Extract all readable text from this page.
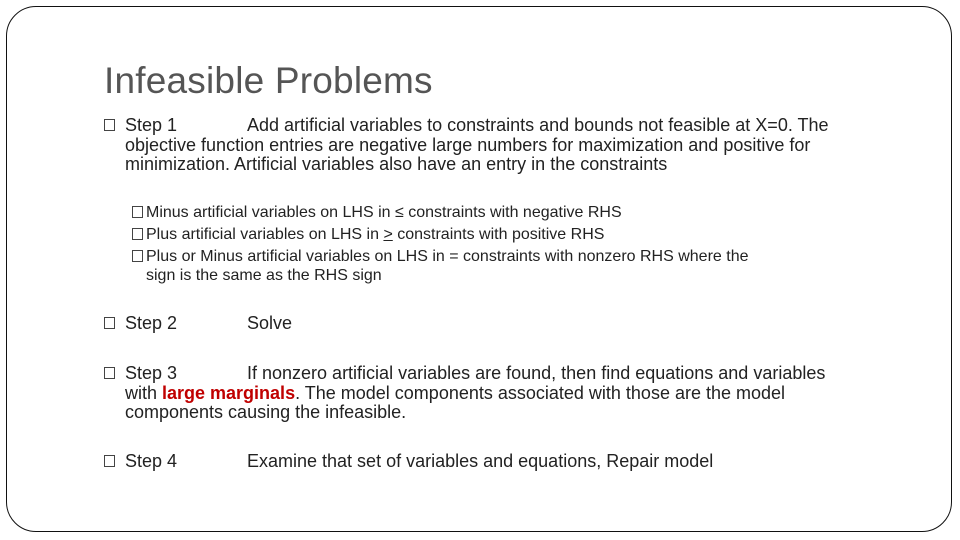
Infeasible Problems
Step 1	Add artificial variables to constraints and bounds not feasible at X=0. The
objective function entries are negative large numbers for maximization and positive for
minimization. Artificial variables also have an entry in the constraints
Minus artificial variables on LHS in ≤ constraints with negative RHS
Plus artificial variables on LHS in > constraints with positive RHS
Plus or Minus artificial variables on LHS in = constraints with nonzero RHS where the
sign is the same as the RHS sign
Step 2	Solve
Step 3	If nonzero artificial variables are found, then find equations and variables
with large marginals. The model components associated with those are the model
components causing the infeasible.
Step 4	Examine that set of variables and equations, Repair model
